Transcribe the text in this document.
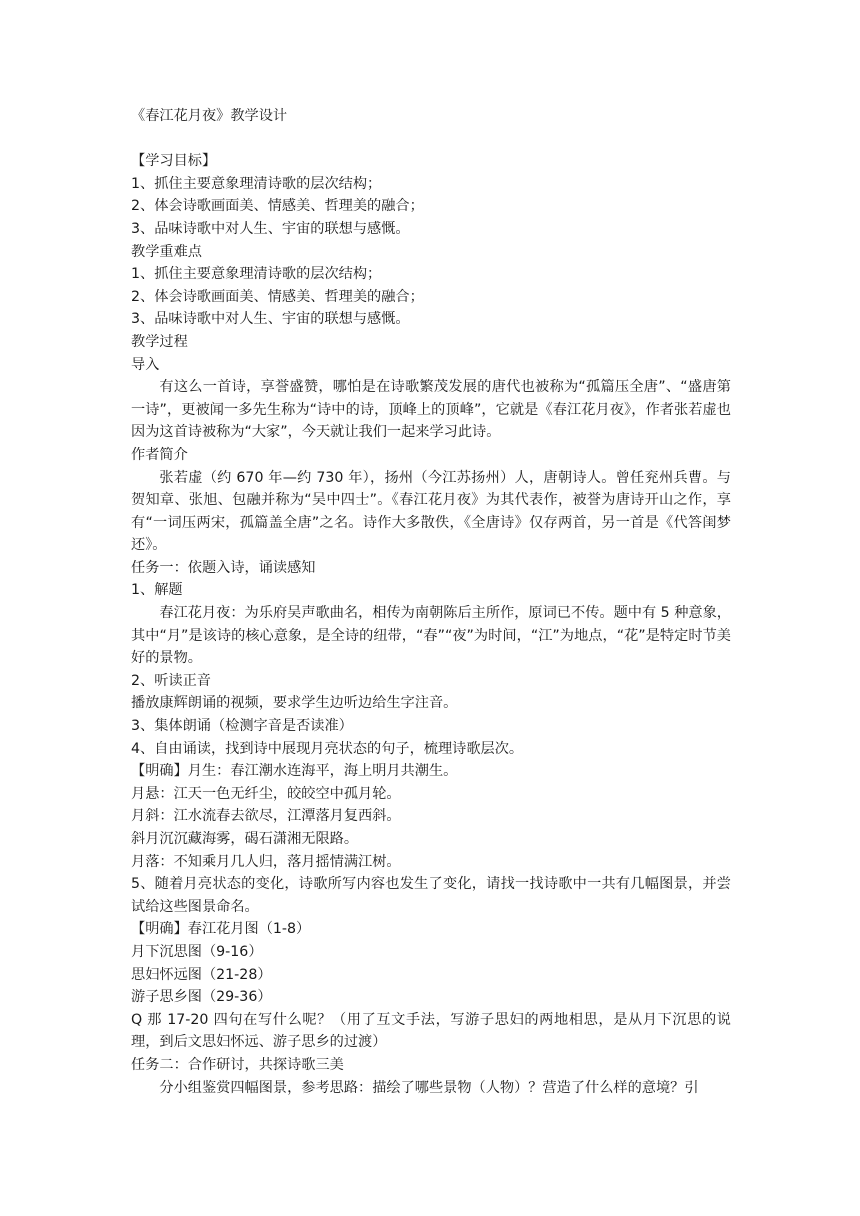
《春江花月夜》教学设计
【学习目标】
1、抓住主要意象理清诗歌的层次结构；
2、体会诗歌画面美、情感美、哲理美的融合；
3、品味诗歌中对人生、宇宙的联想与感慨。
教学重难点
1、抓住主要意象理清诗歌的层次结构；
2、体会诗歌画面美、情感美、哲理美的融合；
3、品味诗歌中对人生、宇宙的联想与感慨。
教学过程
导入
有这么一首诗，享誉盛赞，哪怕是在诗歌繁茂发展的唐代也被称为“孤篇压全唐”、“盛唐第一诗”，更被闻一多先生称为“诗中的诗，顶峰上的顶峰”，它就是《春江花月夜》，作者张若虚也因为这首诗被称为“大家”，今天就让我们一起来学习此诗。
作者简介
张若虚（约 670 年—约 730 年），扬州（今江苏扬州）人，唐朝诗人。曾任兖州兵曹。与贺知章、张旭、包融并称为“吴中四士”。《春江花月夜》为其代表作，被誉为唐诗开山之作，享有“一词压两宋，孤篇盖全唐”之名。诗作大多散佚，《全唐诗》仅存两首，另一首是《代答闺梦还》。
任务一：依题入诗，诵读感知
1、解题
春江花月夜：为乐府吴声歌曲名，相传为南朝陈后主所作，原词已不传。题中有 5 种意象，其中“月”是该诗的核心意象，是全诗的纽带，“春”“夜”为时间，“江”为地点，“花”是特定时节美好的景物。
2、听读正音
播放康辉朗诵的视频，要求学生边听边给生字注音。
3、集体朗诵（检测字音是否读准）
4、自由诵读，找到诗中展现月亮状态的句子，梳理诗歌层次。
【明确】月生：春江潮水连海平，海上明月共潮生。
月悬：江天一色无纤尘，皎皎空中孤月轮。
月斜：江水流春去欲尽，江潭落月复西斜。
斜月沉沉藏海雾，碣石潇湘无限路。
月落：不知乘月几人归，落月摇情满江树。
5、随着月亮状态的变化，诗歌所写内容也发生了变化，请找一找诗歌中一共有几幅图景，并尝试给这些图景命名。
【明确】春江花月图（1-8）
月下沉思图（9-16）
思妇怀远图（21-28）
游子思乡图（29-36）
Q 那 17-20 四句在写什么呢？（用了互文手法，写游子思妇的两地相思，是从月下沉思的说理，到后文思妇怀远、游子思乡的过渡）
任务二：合作研讨，共探诗歌三美
分小组鉴赏四幅图景，参考思路：描绘了哪些景物（人物）？营造了什么样的意境？引
